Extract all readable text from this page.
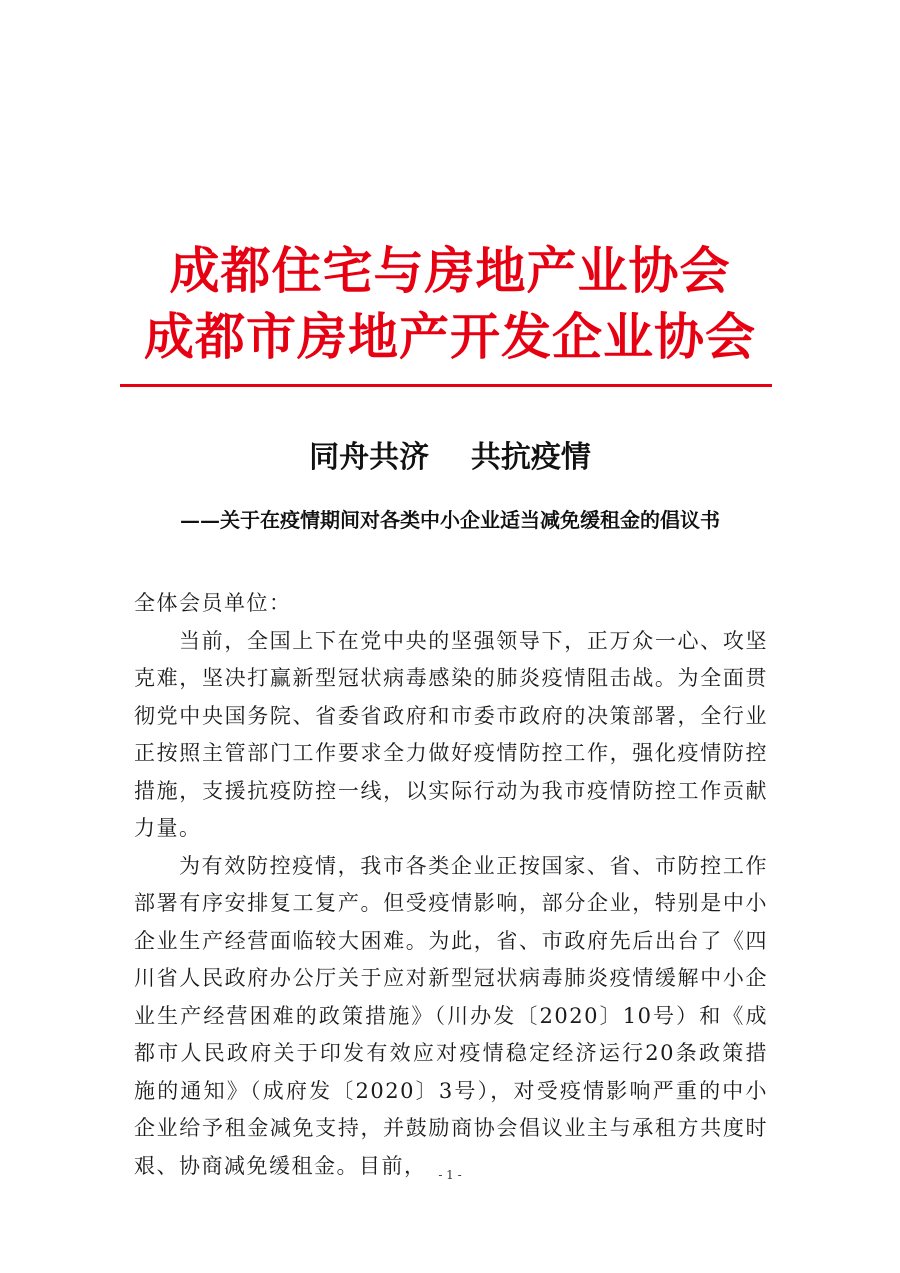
成都住宅与房地产业协会
成都市房地产开发企业协会
同舟共济    共抗疫情
——关于在疫情期间对各类中小企业适当减免缓租金的倡议书

全体会员单位：

当前，全国上下在党中央的坚强领导下，正万众一心、攻坚克难，坚决打赢新型冠状病毒感染的肺炎疫情阻击战。为全面贯彻党中央国务院、省委省政府和市委市政府的决策部署，全行业正按照主管部门工作要求全力做好疫情防控工作，强化疫情防控措施，支援抗疫防控一线，以实际行动为我市疫情防控工作贡献力量。

为有效防控疫情，我市各类企业正按国家、省、市防控工作部署有序安排复工复产。但受疫情影响，部分企业，特别是中小企业生产经营面临较大困难。为此，省、市政府先后出台了《四川省人民政府办公厅关于应对新型冠状病毒肺炎疫情缓解中小企业生产经营困难的政策措施》（川办发〔2020〕10号）和《成都市人民政府关于印发有效应对疫情稳定经济运行20条政策措施的通知》（成府发〔2020〕3号），对受疫情影响严重的中小企业给予租金减免支持，并鼓励商协会倡议业主与承租方共度时艰、协商减免缓租金。目前， - 1 -
